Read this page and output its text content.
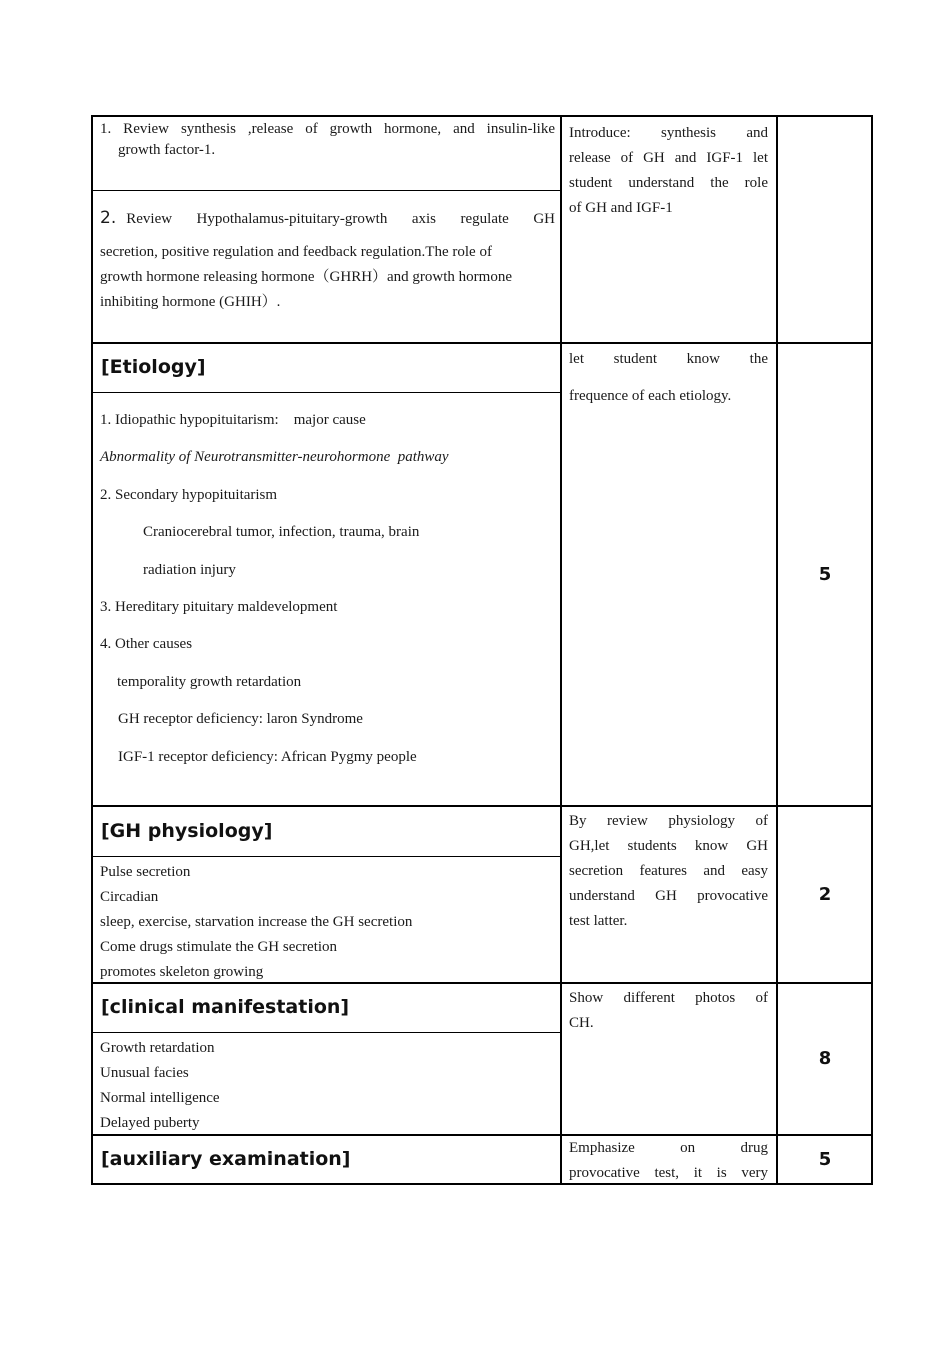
1. Review synthesis ,release of growth hormone, and insulin-like
growth factor-1.
2. Review Hypothalamus-pituitary-growth axis regulate GH
secretion, positive regulation and feedback regulation.The role of
growth hormone releasing hormone（GHRH）and growth hormone
inhibiting hormone (GHIH）.
Introduce: synthesis and
release of GH and IGF-1 let
student understand the role
of GH and IGF-1
[Etiology]
1. Idiopathic hypopituitarism:    major cause
Abnormality of Neurotransmitter-neurohormone  pathway
2. Secondary hypopituitarism
Craniocerebral tumor, infection, trauma, brain
radiation injury
3. Hereditary pituitary maldevelopment
4. Other causes
temporality growth retardation
GH receptor deficiency: laron Syndrome
IGF-1 receptor deficiency: African Pygmy people
let student know the
frequence of each etiology.
5
[GH physiology]
Pulse secretion
Circadian
sleep, exercise, starvation increase the GH secretion
Come drugs stimulate the GH secretion
promotes skeleton growing
By review physiology of
GH,let students know GH
secretion features and easy
understand GH provocative
test latter.
2
[clinical manifestation]
Growth retardation
Unusual facies
Normal intelligence
Delayed puberty
Show different photos of
CH.
8
[auxiliary examination]	Emphasize on drug
provocative test, it is very
5
